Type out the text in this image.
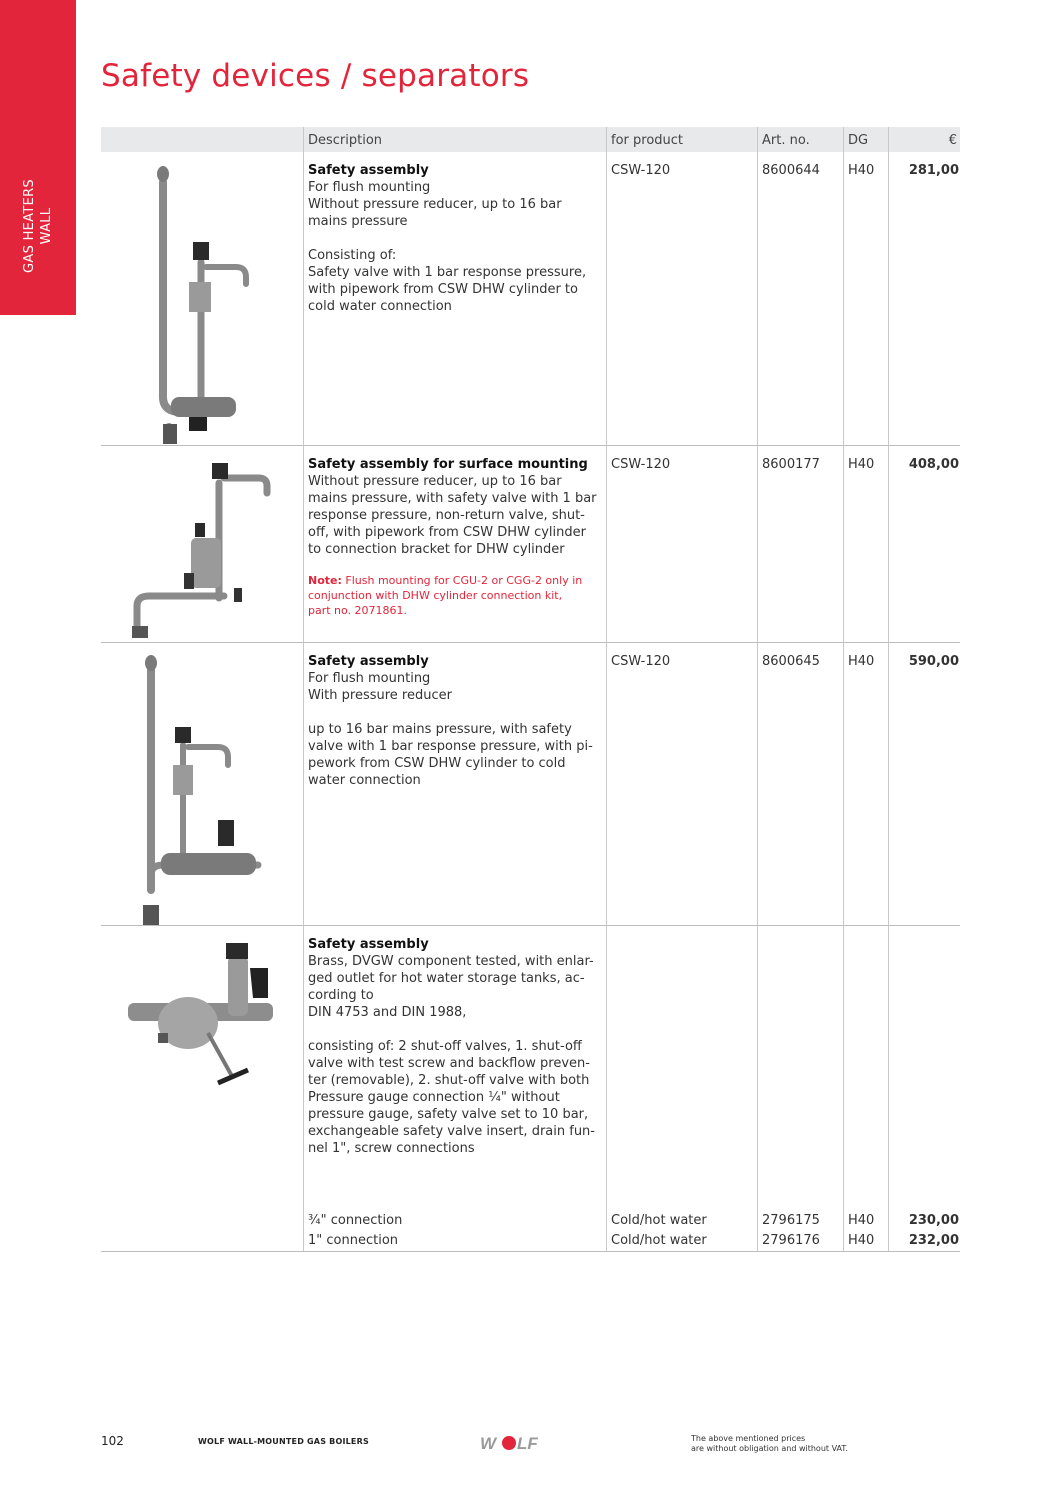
GAS HEATERS WALL
Safety devices / separators
Description	for product	Art. no.	DG	€
Safety assembly
For flush mounting
Without pressure reducer, up to 16 bar
mains pressure
Consisting of:
Safety valve with 1 bar response pressure,
with pipework from CSW DHW cylinder to
cold water connection
CSW-120	8600644 H40	281,00
Safety assembly for surface mounting
Without pressure reducer, up to 16 bar
mains pressure, with safety valve with 1 bar
response pressure, non-return valve, shut-
off, with pipework from CSW DHW cylinder
to connection bracket for DHW cylinder
Note: Flush mounting for CGU-2 or CGG-2 only in
conjunction with DHW cylinder connection kit,
part no. 2071861.
CSW-120	8600177 H40	408,00
Safety assembly
For flush mounting
With pressure reducer
up to 16 bar mains pressure, with safety
valve with 1 bar response pressure, with pi-
pework from CSW DHW cylinder to cold
water connection
CSW-120	8600645 H40	590,00
Safety assembly
Brass, DVGW component tested, with enlar-
ged outlet for hot water storage tanks, ac-
cording to
DIN 4753 and DIN 1988,
consisting of: 2 shut-off valves, 1. shut-off
valve with test screw and backflow preven-
ter (removable), 2. shut-off valve with both
Pressure gauge connection ¼" without
pressure gauge, safety valve set to 10 bar,
exchangeable safety valve insert, drain fun-
nel 1", screw connections
¾" connection	Cold/hot water	2796175 H40	230,00
1" connection	Cold/hot water	2796176 H40	232,00
102	WOLF WALL-MOUNTED GAS BOILERS	W LF	The above mentioned prices
are without obligation and without VAT.
